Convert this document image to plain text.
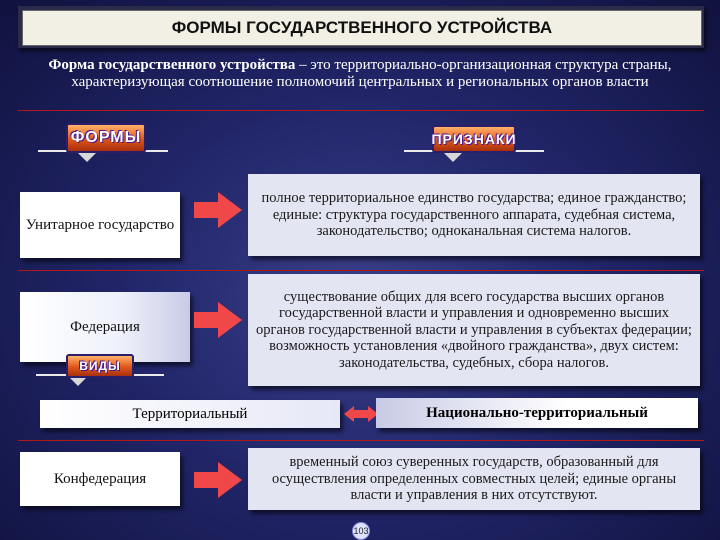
ФОРМЫ ГОСУДАРСТВЕННОГО УСТРОЙСТВА
Форма государственного устройства – это территориально-организационная структура страны, характеризующая соотношение полномочий центральных и региональных органов власти
ФОРМЫ	ПРИЗНАКИ
Унитарное государство
полное территориальное единство государства; единое гражданство; единые: структура государственного аппарата, судебная система, законодательство; одноканальная система налогов.
Федерация
существование общих для всего государства высших органов государственной власти и управления и одновременно высших органов государственной власти и управления в субъектах федерации; возможность установления «двойного гражданства», двух систем: законодательства, судебных, сбора налогов.
ВИДЫ
Территориальный	Национально-территориальный
Конфедерация
временный союз суверенных государств, образованный для осуществления определенных совместных целей; единые органы власти и управления в них отсутствуют.
103
